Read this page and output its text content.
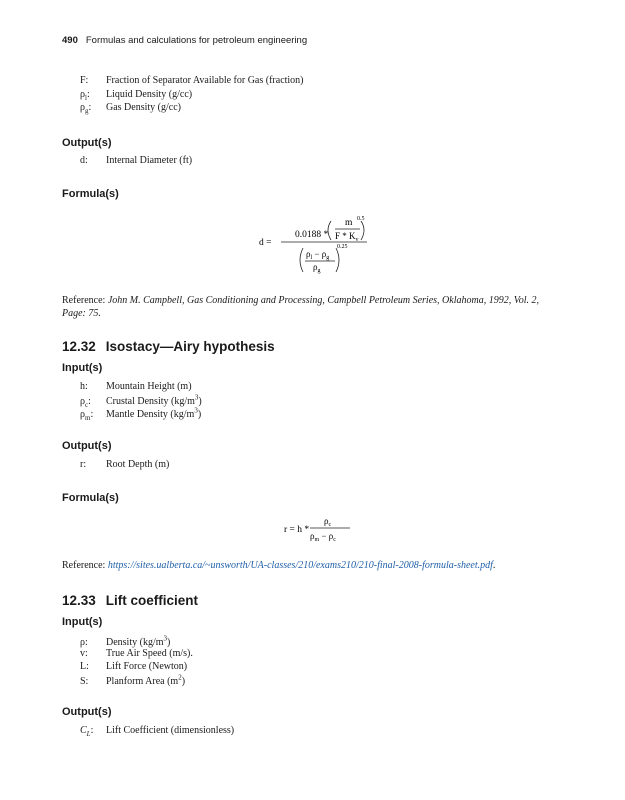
490 Formulas and calculations for petroleum engineering
F: Fraction of Separator Available for Gas (fraction)
$\rho_l$: Liquid Density (g/cc)
$\rho_g$: Gas Density (g/cc)
Output(s)
d: Internal Diameter (ft)
Formula(s)
d =
0.0188 *
m
F * $K_v$
0.5
$\rho_l - \rho_g$
$\rho_g$
0.25
Reference: John M. Campbell, Gas Conditioning and Processing, Campbell Petroleum Series, Oklahoma, 1992, Vol. 2,
Page: 75.
12.32 Isostacy—Airy hypothesis
Input(s)
h: Mountain Height (m)
$\rho_c$: Crustal Density $(kg/m^3)$
$\rho_m$: Mantle Density $(kg/m^3)$
Output(s)
r: Root Depth (m)
Formula(s)
r = h *
$\rho_c$
$\rho_m - \rho_c$
Reference: https://sites.ualberta.ca/~unsworth/UA-classes/210/exams210/210-final-2008-formula-sheet.pdf.
12.33 Lift coefficient
Input(s)
ρ: Density $(kg/m^3)$
v: True Air Speed (m/s).
L: Lift Force (Newton)
S: Planform Area $(m^2)$
Output(s)
$C_L$: Lift Coefficient (dimensionless)
